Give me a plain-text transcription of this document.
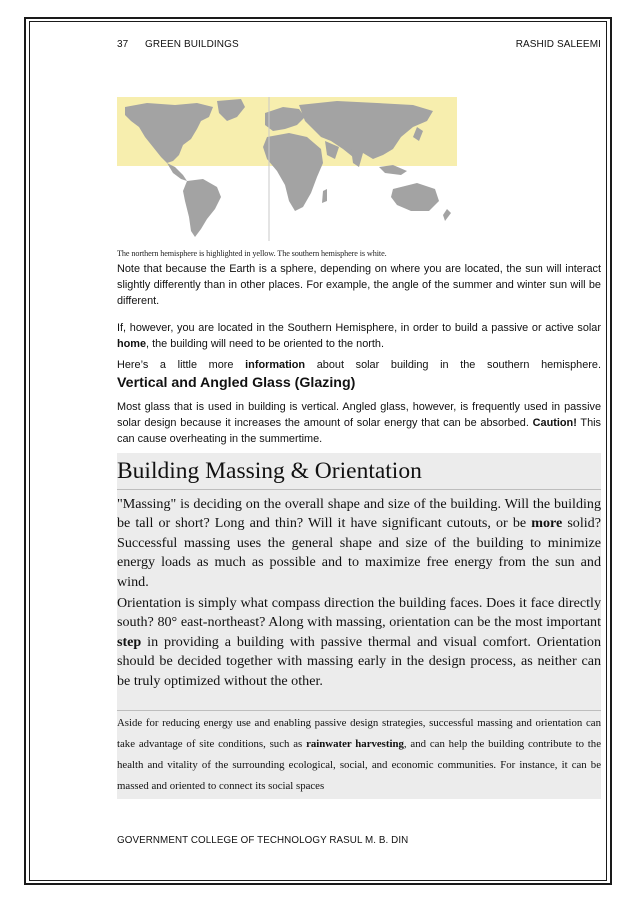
37 GREEN BUILDINGS	RASHID SALEEMI
The northern hemisphere is highlighted in yellow. The southern hemisphere is white.

Note that because the Earth is a sphere, depending on where you are located, the sun will interact slightly differently than in other places. For example, the angle of the summer and winter sun will be different.

If, however, you are located in the Southern Hemisphere, in order to build a passive or active solar home, the building will need to be oriented to the north.

Here’s a little more information about solar building in the southern hemisphere.

Vertical and Angled Glass (Glazing)

Most glass that is used in building is vertical. Angled glass, however, is frequently used in passive solar design because it increases the amount of solar energy that can be absorbed. Caution! This can cause overheating in the summertime.

Building Massing & Orientation

"Massing" is deciding on the overall shape and size of the building. Will the building be tall or short? Long and thin? Will it have significant cutouts, or be more solid? Successful massing uses the general shape and size of the building to minimize energy loads as much as possible and to maximize free energy from the sun and wind.

Orientation is simply what compass direction the building faces. Does it face directly south? 80° east-northeast? Along with massing, orientation can be the most important step in providing a building with passive thermal and visual comfort. Orientation should be decided together with massing early in the design process, as neither can be truly optimized without the other.

Aside for reducing energy use and enabling passive design strategies, successful massing and orientation can take advantage of site conditions, such as rainwater harvesting, and can help the building contribute to the health and vitality of the surrounding ecological, social, and economic communities. For instance, it can be massed and oriented to connect its social spaces

GOVERNMENT COLLEGE OF TECHNOLOGY RASUL M. B. DIN
